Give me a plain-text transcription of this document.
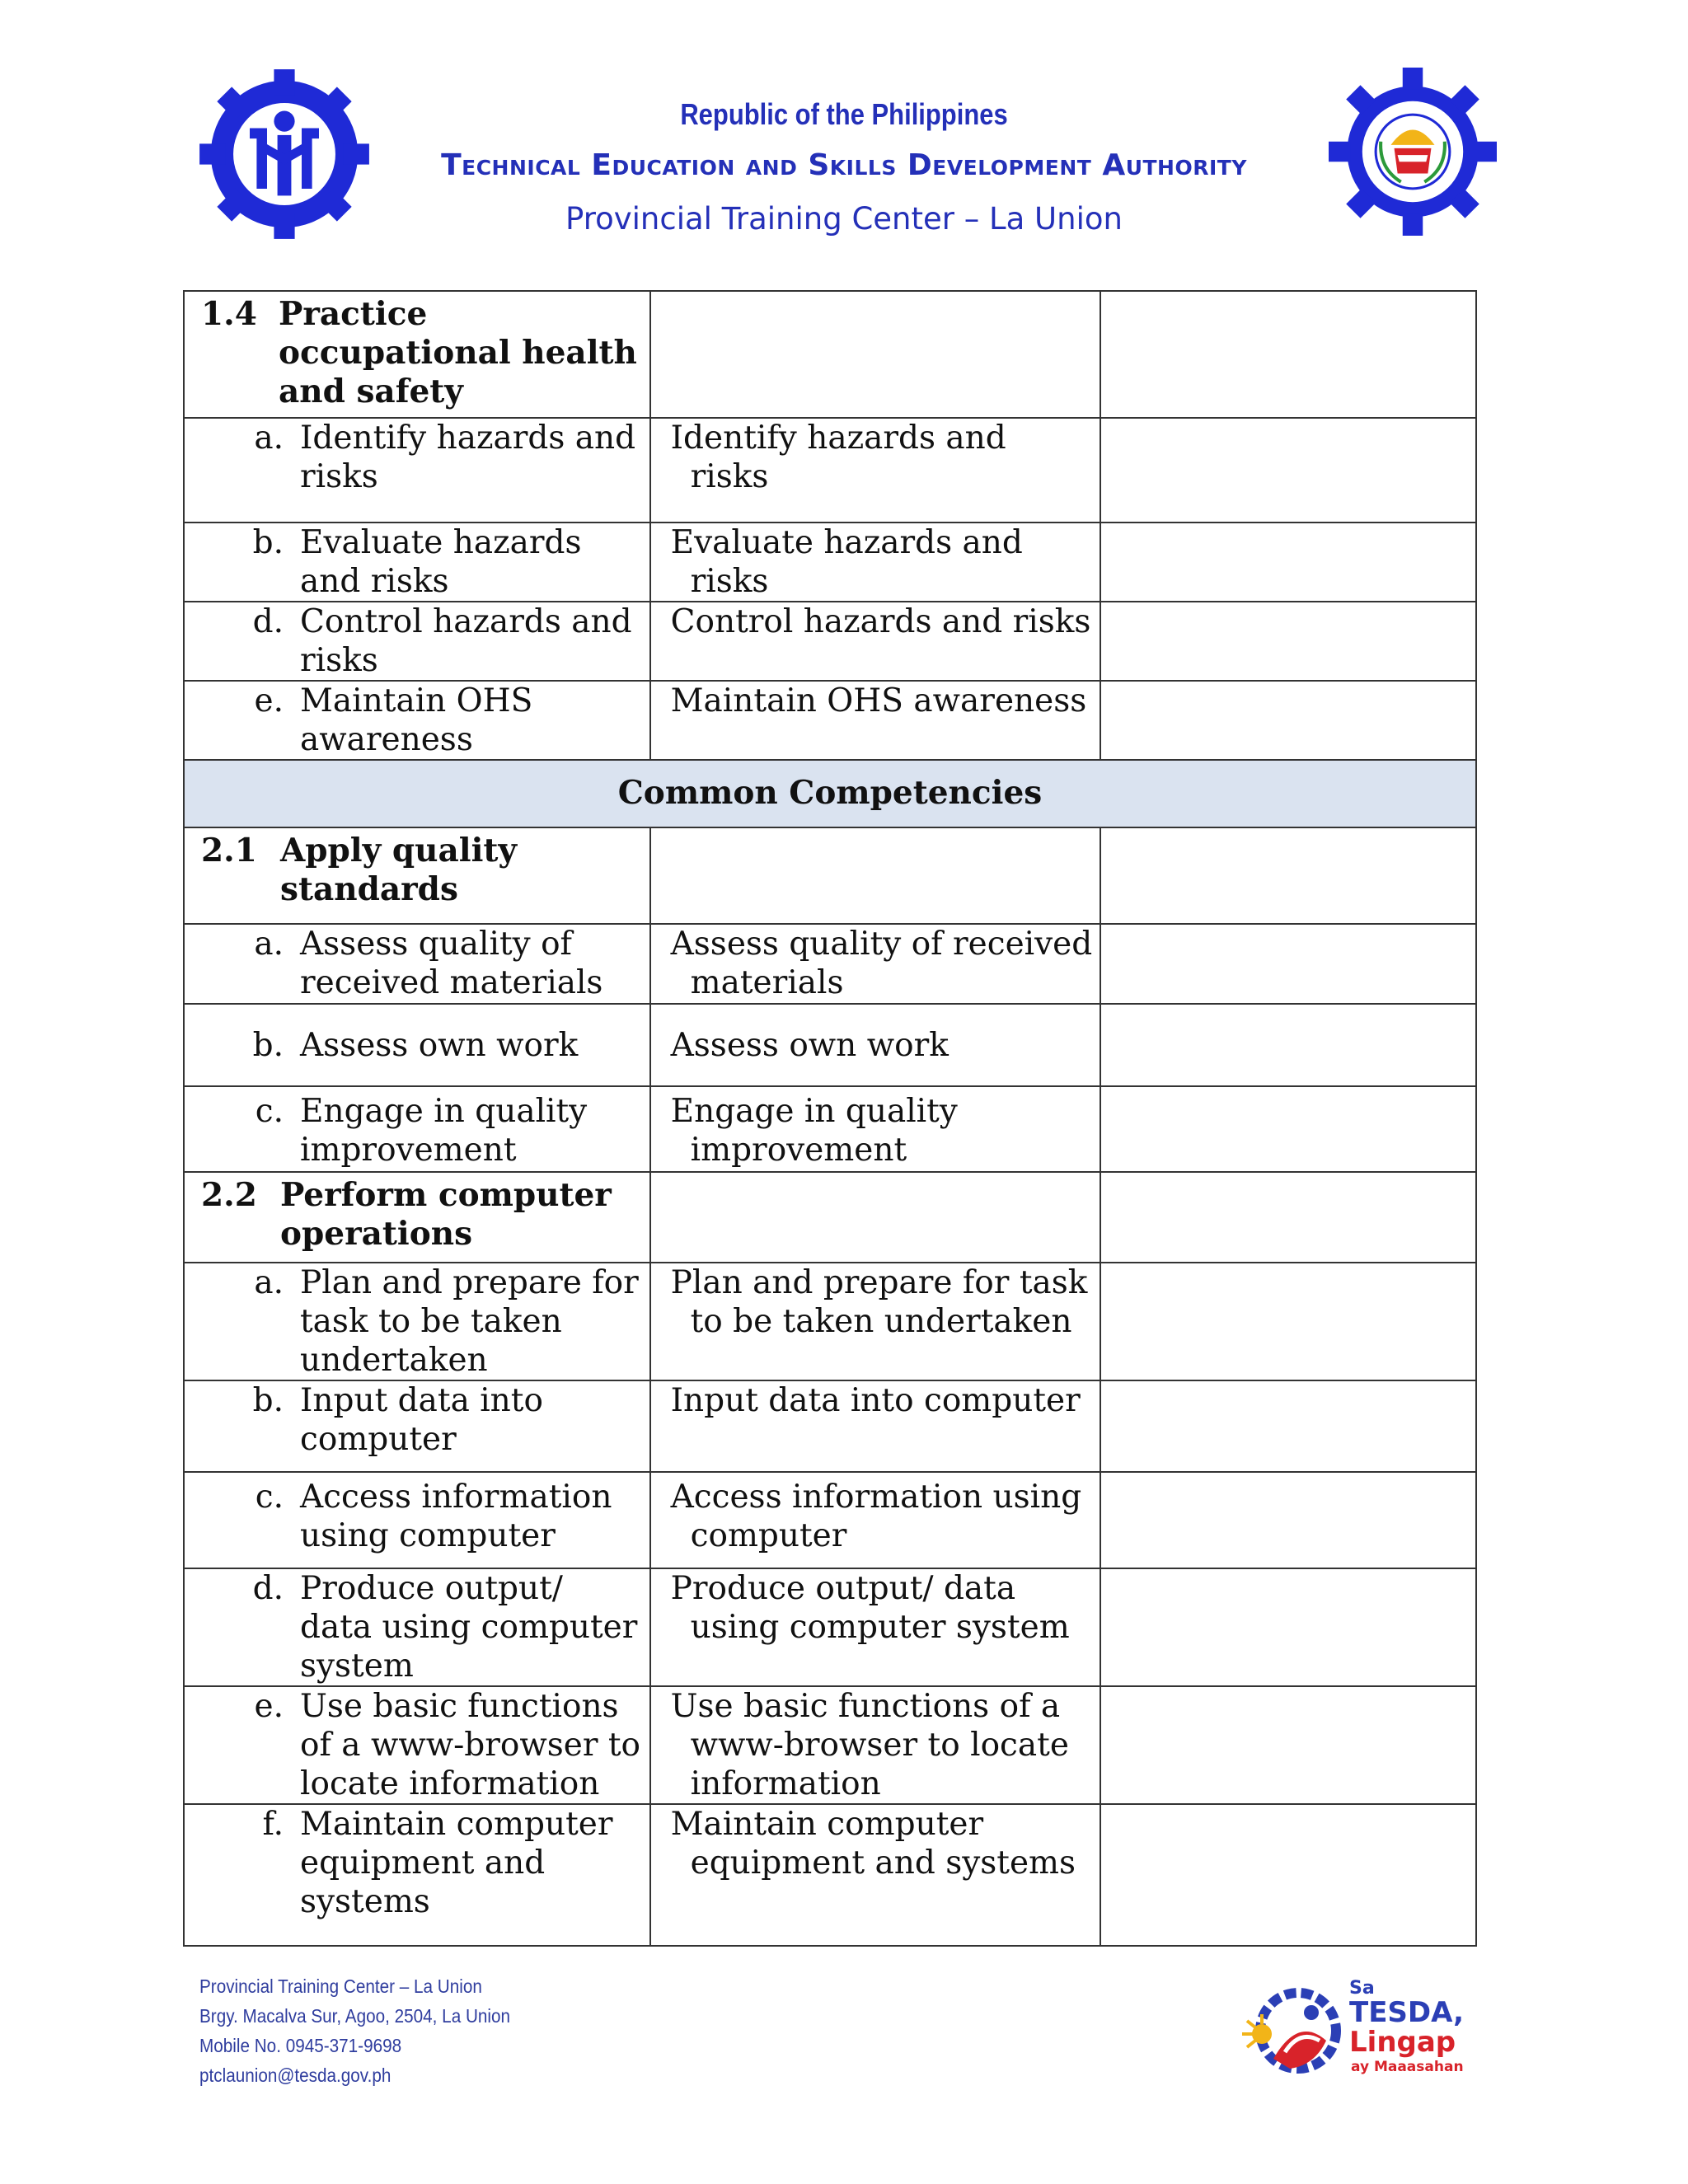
Republic of the Philippines
Technical Education and Skills Development Authority
Provincial Training Center – La Union
1.4 Practice occupational health and safety		

a. Identify hazards and risks	Identify hazards and risks	

b. Evaluate hazards and risks	Evaluate hazards and risks	

d. Control hazards and risks	Control hazards and risks	

e. Maintain OHS awareness	Maintain OHS awareness	

Common Competencies		

2.1 Apply quality standards		

a. Assess quality of received materials	Assess quality of received materials	

b. Assess own work	Assess own work	

c. Engage in quality improvement	Engage in quality improvement	

2.2 Perform computer operations		

a. Plan and prepare for task to be taken undertaken	Plan and prepare for task to be taken undertaken	

b. Input data into computer	Input data into computer	

c. Access information using computer	Access information using computer	

d. Produce output/ data using computer system	Produce output/ data using computer system	

e. Use basic functions of a www-browser to locate information	Use basic functions of a www-browser to locate information	

f. Maintain computer equipment and systems	Maintain computer equipment and systems	

Provincial Training Center – La Union
Brgy. Macalva Sur, Agoo, 2504, La Union
Mobile No. 0945-371-9698
ptclaunion@tesda.gov.ph
Sa
TESDA,
Lingap
ay Maaasahan
